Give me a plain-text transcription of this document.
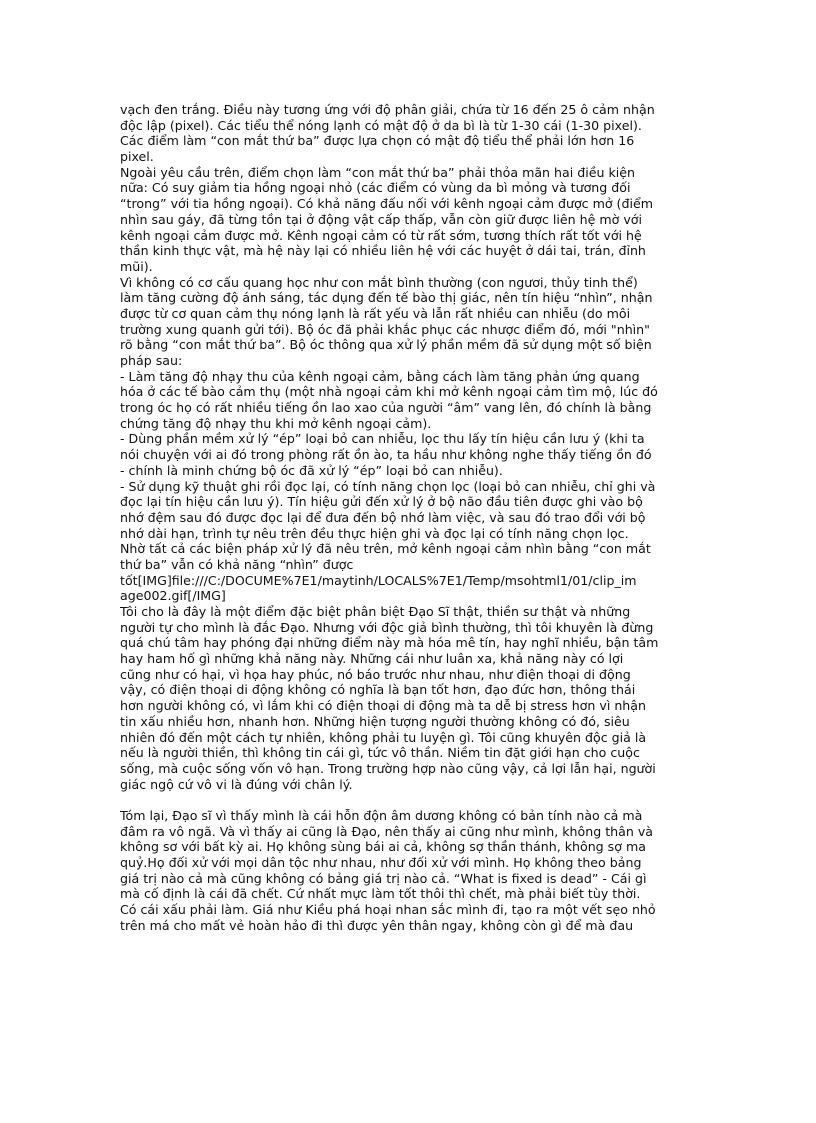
vạch đen trắng. Điều này tương ứng với độ phân giải, chứa từ 16 đến 25 ô cảm nhận
độc lập (pixel). Các tiểu thể nóng lạnh có mật độ ở da bì là từ 1-30 cái (1-30 pixel).
Các điểm làm “con mắt thứ ba” được lựa chọn có mật độ tiểu thể phải lớn hơn 16
pixel.
Ngoài yêu cầu trên, điểm chọn làm “con mắt thứ ba” phải thỏa mãn hai điều kiện
nữa: Có suy giảm tia hồng ngoại nhỏ (các điểm có vùng da bì mỏng và tương đối
“trong” với tia hồng ngoại). Có khả năng đấu nối với kênh ngoại cảm được mở (điểm
nhìn sau gáy, đã từng tồn tại ở động vật cấp thấp, vẫn còn giữ được liên hệ mờ với
kênh ngoại cảm được mở. Kênh ngoại cảm có từ rất sớm, tương thích rất tốt với hệ
thần kinh thực vật, mà hệ này lại có nhiều liên hệ với các huyệt ở dái tai, trán, đỉnh
mũi).
Vì không có cơ cấu quang học như con mắt bình thường (con ngươi, thủy tinh thể)
làm tăng cường độ ánh sáng, tác dụng đến tế bào thị giác, nên tín hiệu “nhìn”, nhận
được từ cơ quan cảm thụ nóng lạnh là rất yếu và lẫn rất nhiều can nhiễu (do môi
trường xung quanh gửi tới). Bộ óc đã phải khắc phục các nhược điểm đó, mới "nhìn"
rõ bằng “con mắt thứ ba”. Bộ óc thông qua xử lý phần mềm đã sử dụng một số biện
pháp sau:
- Làm tăng độ nhạy thu của kênh ngoại cảm, bằng cách làm tăng phản ứng quang
hóa ở các tế bào cảm thụ (một nhà ngoại cảm khi mở kênh ngoại cảm tìm mộ, lúc đó
trong óc họ có rất nhiều tiếng ồn lao xao của người “âm” vang lên, đó chính là bằng
chứng tăng độ nhạy thu khi mở kênh ngoại cảm).
- Dùng phần mềm xử lý “ép” loại bỏ can nhiễu, lọc thu lấy tín hiệu cần lưu ý (khi ta
nói chuyện với ai đó trong phòng rất ồn ào, ta hầu như không nghe thấy tiếng ồn đó
- chính là minh chứng bộ óc đã xử lý “ép” loại bỏ can nhiễu).
- Sử dụng kỹ thuật ghi rồi đọc lại, có tính năng chọn lọc (loại bỏ can nhiễu, chỉ ghi và
đọc lại tín hiệu cần lưu ý). Tín hiệu gửi đến xử lý ở bộ não đầu tiên được ghi vào bộ
nhớ đệm sau đó được đọc lại để đưa đến bộ nhớ làm việc, và sau đó trao đổi với bộ
nhớ dài hạn, trình tự nêu trên đều thực hiện ghi và đọc lại có tính năng chọn lọc.
Nhờ tất cả các biện pháp xử lý đã nêu trên, mở kênh ngoại cảm nhìn bằng “con mắt
thứ ba” vẫn có khả năng “nhìn” được
tốt[IMG]file:///C:/DOCUME%7E1/maytinh/LOCALS%7E1/Temp/msohtml1/01/clip_im
age002.gif[/IMG]
Tôi cho là đây là một điểm đặc biệt phân biệt Đạo Sĩ thật, thiền sư thật và những
người tự cho mình là đắc Đạo. Nhưng với độc giả bình thường, thì tôi khuyên là đừng
quá chú tâm hay phóng đại những điểm này mà hóa mê tín, hay nghĩ nhiều, bận tâm
hay ham hố gì những khả năng này. Những cái như luân xa, khả năng này có lợi
cũng như có hại, vì họa hay phúc, nó báo trước như nhau, như điện thoại di động
vậy, có điện thoại di động không có nghĩa là bạn tốt hơn, đạo đức hơn, thông thái
hơn người không có, vì lắm khi có điện thoại di động mà ta dễ bị stress hơn vì nhận
tin xấu nhiều hơn, nhanh hơn. Những hiện tượng người thường không có đó, siêu
nhiên đó đến một cách tự nhiên, không phải tu luyện gì. Tôi cũng khuyên độc giả là
nếu là người thiền, thì không tin cái gì, tức vô thần. Niềm tin đặt giới hạn cho cuộc
sống, mà cuộc sống vốn vô hạn. Trong trường hợp nào cũng vậy, cả lợi lẫn hại, người
giác ngộ cứ vô vi là đúng với chân lý.
Tóm lại, Đạo sĩ vì thấy mình là cái hỗn độn âm dương không có bản tính nào cả mà
đâm ra vô ngã. Và vì thấy ai cũng là Đạo, nên thấy ai cũng như mình, không thân và
không sơ với bất kỳ ai. Họ không sùng bái ai cả, không sợ thần thánh, không sợ ma
quỷ.Họ đối xử với mọi dân tộc như nhau, như đối xử với mình. Họ không theo bảng
giá trị nào cả mà cũng không có bảng giá trị nào cả. “What is fixed is dead” - Cái gì
mà cố định là cái đã chết. Cứ nhất mực làm tốt thôi thì chết, mà phải biết tùy thời.
Có cái xấu phải làm. Giá như Kiều phá hoại nhan sắc mình đi, tạo ra một vết sẹo nhỏ
trên má cho mất vẻ hoàn hảo đi thì được yên thân ngay, không còn gì để mà đau
